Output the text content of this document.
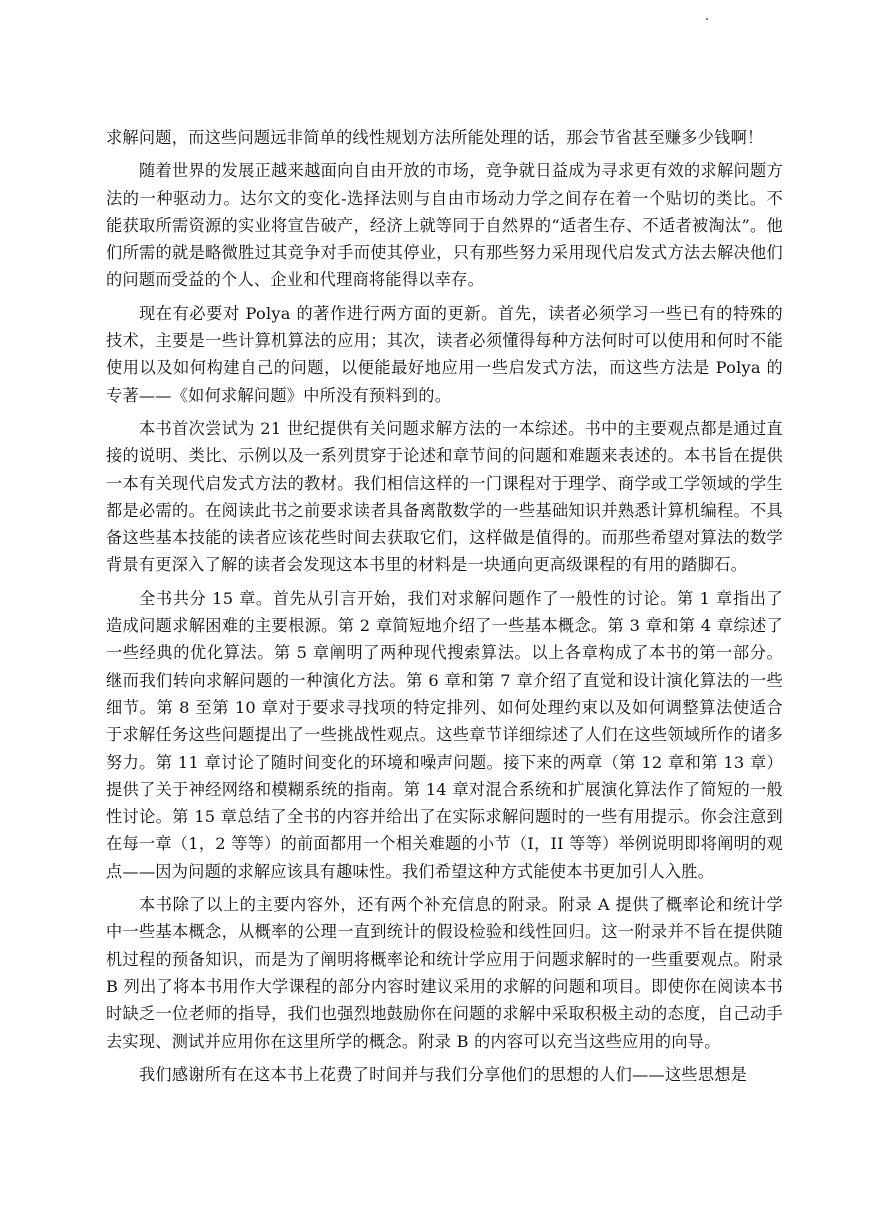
求解问题，而这些问题远非简单的线性规划方法所能处理的话，那会节省甚至赚多少钱啊！

随着世界的发展正越来越面向自由开放的市场，竞争就日益成为寻求更有效的求解问题方法的一种驱动力。达尔文的变化-选择法则与自由市场动力学之间存在着一个贴切的类比。不能获取所需资源的实业将宣告破产，经济上就等同于自然界的“适者生存、不适者被淘汰”。他们所需的就是略微胜过其竞争对手而使其停业，只有那些努力采用现代启发式方法去解决他们的问题而受益的个人、企业和代理商将能得以幸存。

现在有必要对 Polya 的著作进行两方面的更新。首先，读者必须学习一些已有的特殊的技术，主要是一些计算机算法的应用；其次，读者必须懂得每种方法何时可以使用和何时不能使用以及如何构建自己的问题，以便能最好地应用一些启发式方法，而这些方法是 Polya 的专著——《如何求解问题》中所没有预料到的。

本书首次尝试为 21 世纪提供有关问题求解方法的一本综述。书中的主要观点都是通过直接的说明、类比、示例以及一系列贯穿于论述和章节间的问题和难题来表述的。本书旨在提供一本有关现代启发式方法的教材。我们相信这样的一门课程对于理学、商学或工学领域的学生都是必需的。在阅读此书之前要求读者具备离散数学的一些基础知识并熟悉计算机编程。不具备这些基本技能的读者应该花些时间去获取它们，这样做是值得的。而那些希望对算法的数学背景有更深入了解的读者会发现这本书里的材料是一块通向更高级课程的有用的踏脚石。

全书共分 15 章。首先从引言开始，我们对求解问题作了一般性的讨论。第 1 章指出了造成问题求解困难的主要根源。第 2 章简短地介绍了一些基本概念。第 3 章和第 4 章综述了一些经典的优化算法。第 5 章阐明了两种现代搜索算法。以上各章构成了本书的第一部分。继而我们转向求解问题的一种演化方法。第 6 章和第 7 章介绍了直觉和设计演化算法的一些细节。第 8 至第 10 章对于要求寻找项的特定排列、如何处理约束以及如何调整算法使适合于求解任务这些问题提出了一些挑战性观点。这些章节详细综述了人们在这些领域所作的诸多努力。第 11 章讨论了随时间变化的环境和噪声问题。接下来的两章（第 12 章和第 13 章）提供了关于神经网络和模糊系统的指南。第 14 章对混合系统和扩展演化算法作了简短的一般性讨论。第 15 章总结了全书的内容并给出了在实际求解问题时的一些有用提示。你会注意到在每一章（1，2 等等）的前面都用一个相关难题的小节（I，II 等等）举例说明即将阐明的观点——因为问题的求解应该具有趣味性。我们希望这种方式能使本书更加引人入胜。

本书除了以上的主要内容外，还有两个补充信息的附录。附录 A 提供了概率论和统计学中一些基本概念，从概率的公理一直到统计的假设检验和线性回归。这一附录并不旨在提供随机过程的预备知识，而是为了阐明将概率论和统计学应用于问题求解时的一些重要观点。附录 B 列出了将本书用作大学课程的部分内容时建议采用的求解的问题和项目。即使你在阅读本书时缺乏一位老师的指导，我们也强烈地鼓励你在问题的求解中采取积极主动的态度，自己动手去实现、测试并应用你在这里所学的概念。附录 B 的内容可以充当这些应用的向导。

我们感谢所有在这本书上花费了时间并与我们分享他们的思想的人们——这些思想是
